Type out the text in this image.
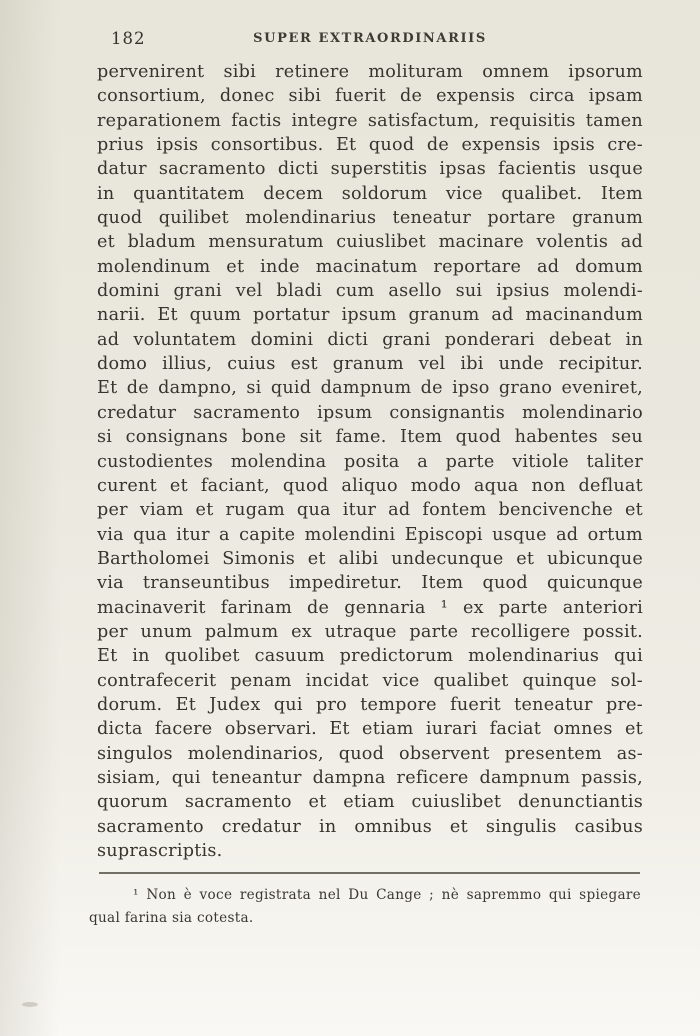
182	SUPER EXTRAORDINARIIS
pervenirent sibi retinere molituram omnem ipsorum
consortium, donec sibi fuerit de expensis circa ipsam
reparationem factis integre satisfactum, requisitis tamen
prius ipsis consortibus. Et quod de expensis ipsis cre-
datur sacramento dicti superstitis ipsas facientis usque
in quantitatem decem soldorum vice qualibet. Item
quod quilibet molendinarius teneatur portare granum
et bladum mensuratum cuiuslibet macinare volentis ad
molendinum et inde macinatum reportare ad domum
domini grani vel bladi cum asello sui ipsius molendi-
narii. Et quum portatur ipsum granum ad macinandum
ad voluntatem domini dicti grani ponderari debeat in
domo illius, cuius est granum vel ibi unde recipitur.
Et de dampno, si quid dampnum de ipso grano eveniret,
credatur sacramento ipsum consignantis molendinario
si consignans bone sit fame. Item quod habentes seu
custodientes molendina posita a parte vitiole taliter
curent et faciant, quod aliquo modo aqua non defluat
per viam et rugam qua itur ad fontem bencivenche et
via qua itur a capite molendini Episcopi usque ad ortum
Bartholomei Simonis et alibi undecunque et ubicunque
via transeuntibus impediretur. Item quod quicunque
macinaverit farinam de gennaria ¹ ex parte anteriori
per unum palmum ex utraque parte recolligere possit.
Et in quolibet casuum predictorum molendinarius qui
contrafecerit penam incidat vice qualibet quinque sol-
dorum. Et Judex qui pro tempore fuerit teneatur pre-
dicta facere observari. Et etiam iurari faciat omnes et
singulos molendinarios, quod observent presentem as-
sisiam, qui teneantur dampna reficere dampnum passis,
quorum sacramento et etiam cuiuslibet denunctiantis
sacramento credatur in omnibus et singulis casibus
suprascriptis.
¹ Non è voce registrata nel Du Cange ; nè sapremmo qui spiegare
qual farina sia cotesta.
